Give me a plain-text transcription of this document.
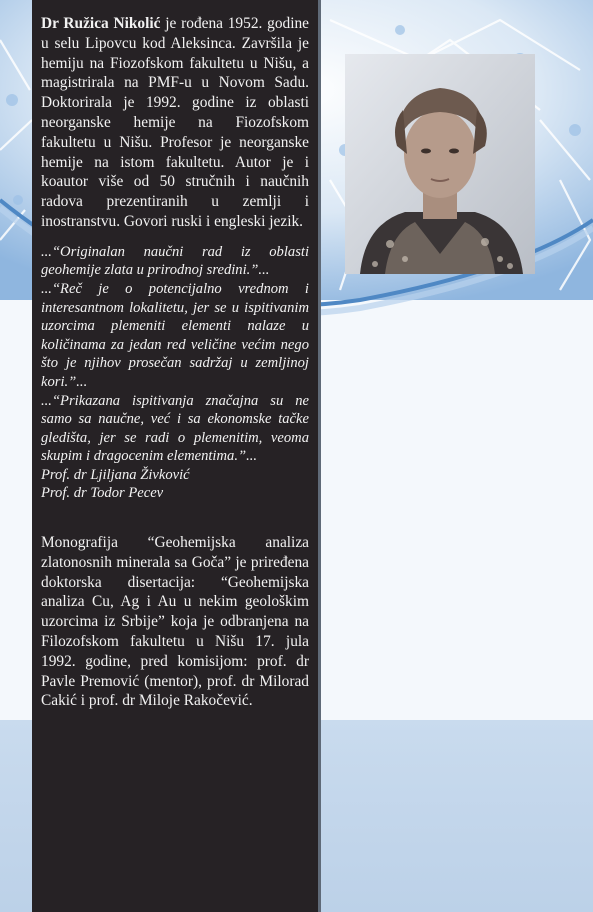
Dr Ružica Nikolić je rođena 1952. godine u selu Lipovcu kod Aleksinca. Završila je hemiju na Fiozofskom fakultetu u Nišu, a magistrirala na PMF-u u Novom Sadu. Doktorirala je 1992. godine iz oblasti neorganske hemije na Fiozofskom fakultetu u Nišu. Profesor je neorganske hemije na istom fakultetu. Autor je i koautor više od 50 stručnih i naučnih radova prezentiranih u zemlji i inostranstvu. Govori ruski i engleski jezik.

...“Originalan naučni rad iz oblasti geohemije zlata u prirodnoj sredini.”...

...“Reč je o potencijalno vrednom i interesantnom lokalitetu, jer se u ispitivanim uzorcima plemeniti elementi nalaze u količinama za jedan red veličine većim nego što je njihov prosečan sadržaj u zemljinoj kori.”...

...“Prikazana ispitivanja značajna su ne samo sa naučne, već i sa ekonomske tačke gledišta, jer se radi o plemenitim, veoma skupim i dragocenim elementima.”...

Prof. dr Ljiljana Živković

Prof. dr Todor Pecev

Monografija “Geohemijska analiza zlatonosnih minerala sa Goča” je priređena doktorska disertacija: “Geohemijska analiza Cu, Ag i Au u nekim geološkim uzorcima iz Srbije” koja je odbranjena na Filozofskom fakultetu u Nišu 17. jula 1992. godine, pred komisijom: prof. dr Pavle Premović (mentor), prof. dr Milorad Cakić i prof. dr Miloje Rakočević.
